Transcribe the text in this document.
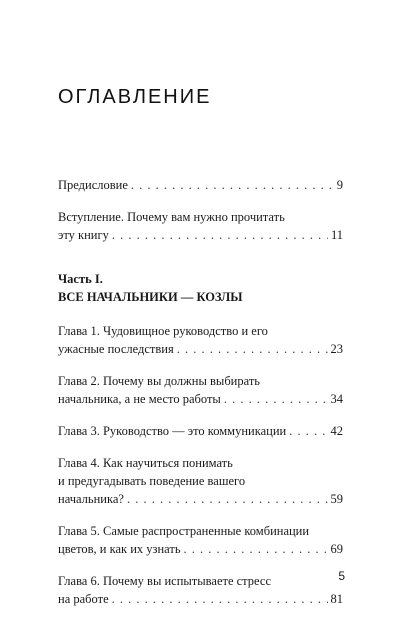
ОГЛАВЛЕНИЕ
Предисловие . . .	9
Вступление. Почему вам нужно прочитать
эту книгу . . .	11
Часть I.
ВСЕ НАЧАЛЬНИКИ — КОЗЛЫ
Глава 1. Чудовищное руководство и его
ужасные последствия . . .	23
Глава 2. Почему вы должны выбирать
начальника, а не место работы . . .	34
Глава 3. Руководство — это коммуникации . . .	42
Глава 4. Как научиться понимать
и предугадывать поведение вашего
начальника? . . .	59
Глава 5. Самые распространенные комбинации
цветов, и как их узнать . . .	69
Глава 6. Почему вы испытываете стресс
на работе . . .	81
5
